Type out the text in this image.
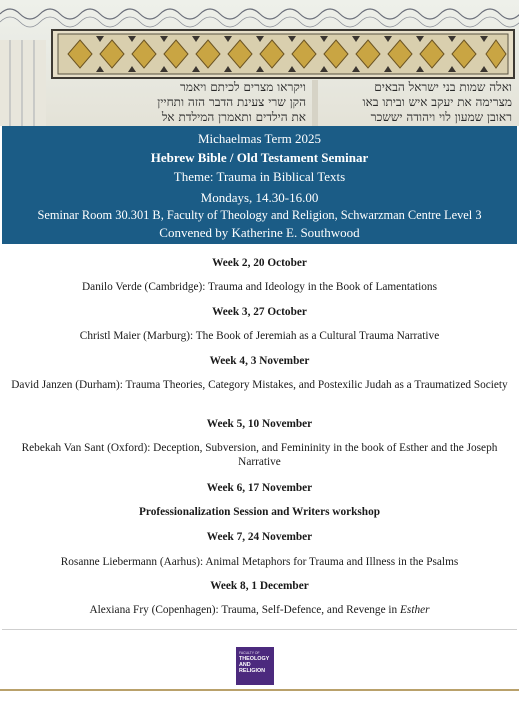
ואלה שמות בני ישראל הבאים
מצרימה את יעקב איש וביתו באו
ראובן שמעון לוי ויהודה יששכר
ויקראו מצרים לכיתם ויאמר
הקן שרי צעינת הדבר הזה ותחיין
את הילדים ותאמרן המילדת אל
Michaelmas Term 2025
Hebrew Bible / Old Testament Seminar
Theme: Trauma in Biblical Texts
Mondays, 14.30-16.00
Seminar Room 30.301 B, Faculty of Theology and Religion, Schwarzman Centre Level 3
Convened by Katherine E. Southwood
Week 2, 20 October
Danilo Verde (Cambridge): Trauma and Ideology in the Book of Lamentations
Week 3, 27 October
Christl Maier (Marburg): The Book of Jeremiah as a Cultural Trauma Narrative
Week 4, 3 November
David Janzen (Durham): Trauma Theories, Category Mistakes, and Postexilic Judah as a Traumatized Society
Week 5, 10 November
Rebekah Van Sant (Oxford): Deception, Subversion, and Femininity in the book of Esther and the Joseph Narrative
Week 6, 17 November
Professionalization Session and Writers workshop
Week 7, 24 November
Rosanne Liebermann (Aarhus): Animal Metaphors for Trauma and Illness in the Psalms
Week 8, 1 December
Alexiana Fry (Copenhagen): Trauma, Self-Defence, and Revenge in Esther
FACULTY OF
THEOLOGY
AND
RELIGION
